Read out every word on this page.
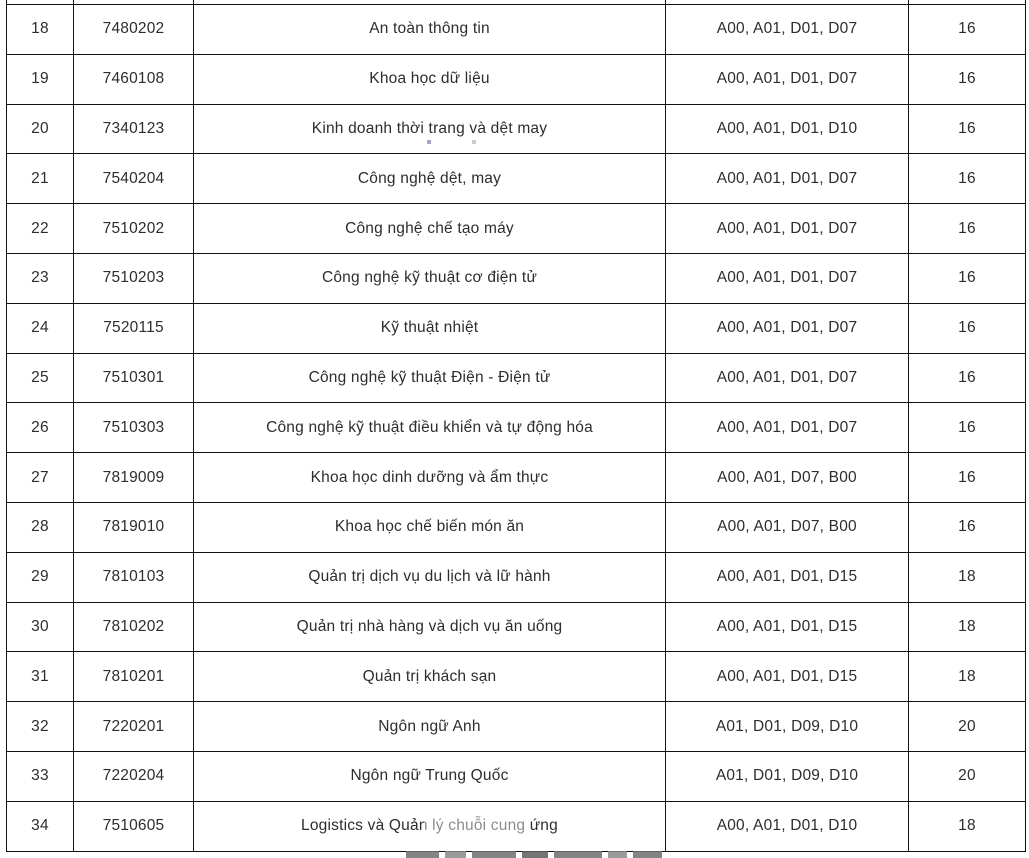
18	7480202	An toàn thông tin	A00, A01, D01, D07	16
19	7460108	Khoa học dữ liệu	A00, A01, D01, D07	16
20	7340123	Kinh doanh thời trang và dệt may	A00, A01, D01, D10	16
21	7540204	Công nghệ dệt, may	A00, A01, D01, D07	16
22	7510202	Công nghệ chế tạo máy	A00, A01, D01, D07	16
23	7510203	Công nghệ kỹ thuật cơ điện tử	A00, A01, D01, D07	16
24	7520115	Kỹ thuật nhiệt	A00, A01, D01, D07	16
25	7510301	Công nghệ kỹ thuật Điện - Điện tử	A00, A01, D01, D07	16
26	7510303	Công nghệ kỹ thuật điều khiển và tự động hóa	A00, A01, D01, D07	16
27	7819009	Khoa học dinh dưỡng và ẩm thực	A00, A01, D07, B00	16
28	7819010	Khoa học chế biến món ăn	A00, A01, D07, B00	16
29	7810103	Quản trị dịch vụ du lịch và lữ hành	A00, A01, D01, D15	18
30	7810202	Quản trị nhà hàng và dịch vụ ăn uống	A00, A01, D01, D15	18
31	7810201	Quản trị khách sạn	A00, A01, D01, D15	18
32	7220201	Ngôn ngữ Anh	A01, D01, D09, D10	20
33	7220204	Ngôn ngữ Trung Quốc	A01, D01, D09, D10	20
34	7510605	Logistics và Quản lý chuỗi cung ứng	A00, A01, D01, D10	18
